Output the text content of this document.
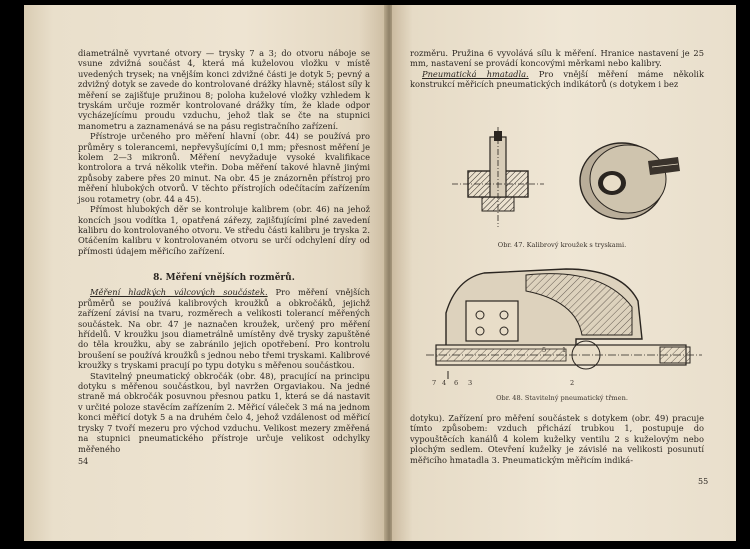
diametrálně vyvrtané otvory — trysky 7 a 3; do otvoru náboje se vsune zdvižná součást 4, která má kuželovou vložku v místě uvedených trysek; na vnějším konci zdvižné části je dotyk 5; pevný a zdvižný dotyk se zavede do kontrolované drážky hlavně; stálost síly k měření se zajišťuje pružinou 8; poloha kuželové vložky vzhledem k tryskám určuje rozměr kontrolované drážky tím, že klade odpor vycházejícímu proudu vzduchu, jehož tlak se čte na stupnici manometru a zaznamenává se na pásu registračního zařízení.

Přístroje určeného pro měření hlavní (obr. 44) se používá pro průměry s tolerancemi, nepřevyšujícími 0,1 mm; přesnost měření je kolem 2—3 mikronů. Měření nevyžaduje vysoké kvalifikace kontrolora a trvá několik vteřin. Doba měření takové hlavně jinými způsoby zabere přes 20 minut. Na obr. 45 je znázorněn přístroj pro měření hlubokých otvorů. V těchto přístrojích odečítacím zařízením jsou rotametry (obr. 44 a 45).

Přímost hlubokých děr se kontroluje kalibrem (obr. 46) na jehož koncích jsou vodítka 1, opatřená zářezy, zajišťujícími plné zavedení kalibru do kontrolovaného otvoru. Ve středu části kalibru je tryska 2. Otáčením kalibru v kontrolovaném otvoru se určí odchylení díry od přímosti údajem měřicího zařízení.

8. Měření vnějších rozměrů.

Měření hladkých válcových součástek. Pro měření vnějších průměrů se používá kalibrových kroužků a obkročáků, jejichž zařízení závisí na tvaru, rozměrech a velikosti tolerancí měřených součástek. Na obr. 47 je naznačen kroužek, určený pro měření hřídelů. V kroužku jsou diametrálně umístěny dvě trysky zapuštěné do těla kroužku, aby se zabránilo jejich opotřebení. Pro kontrolu broušení se používá kroužků s jednou nebo třemi tryskami. Kalibrové kroužky s tryskami pracují po typu dotyku s měřenou součástkou.

Stavitelný pneumatický obkročák (obr. 48), pracující na principu dotyku s měřenou součástkou, byl navržen Orgaviakou. Na jedné straně má obkročák posuvnou přesnou patku 1, která se dá nastavit v určité poloze stavěcím zařízením 2. Měřicí váleček 3 má na jednom konci měřicí dotyk 5 a na druhém čelo 4, jehož vzdálenost od měřicí trysky 7 tvoří mezeru pro východ vzduchu. Velikost mezery změřená na stupnici pneumatického přístroje určuje velikost odchylky měřeného

54

rozměru. Pružina 6 vyvolává sílu k měření. Hranice nastavení je 25 mm, nastavení se provádí koncovými měrkami nebo kalibry.

Pneumatická hmatadla. Pro vnější měření máme několik konstrukcí měřicích pneumatických indikátorů (s dotykem i bez

Obr. 47. Kalibrový kroužek s tryskami.
7 4 6 3
5 1
2
Obr. 48. Stavitelný pneumatický třmen.

dotyku). Zařízení pro měření součástek s dotykem (obr. 49) pracuje tímto způsobem: vzduch přichází trubkou 1, postupuje do vypouštěcích kanálů 4 kolem kuželky ventilu 2 s kuželovým nebo plochým sedlem. Otevření kuželky je závislé na velikosti posunutí měřicího hmatadla 3. Pneumatickým měřicím indiká-

55
